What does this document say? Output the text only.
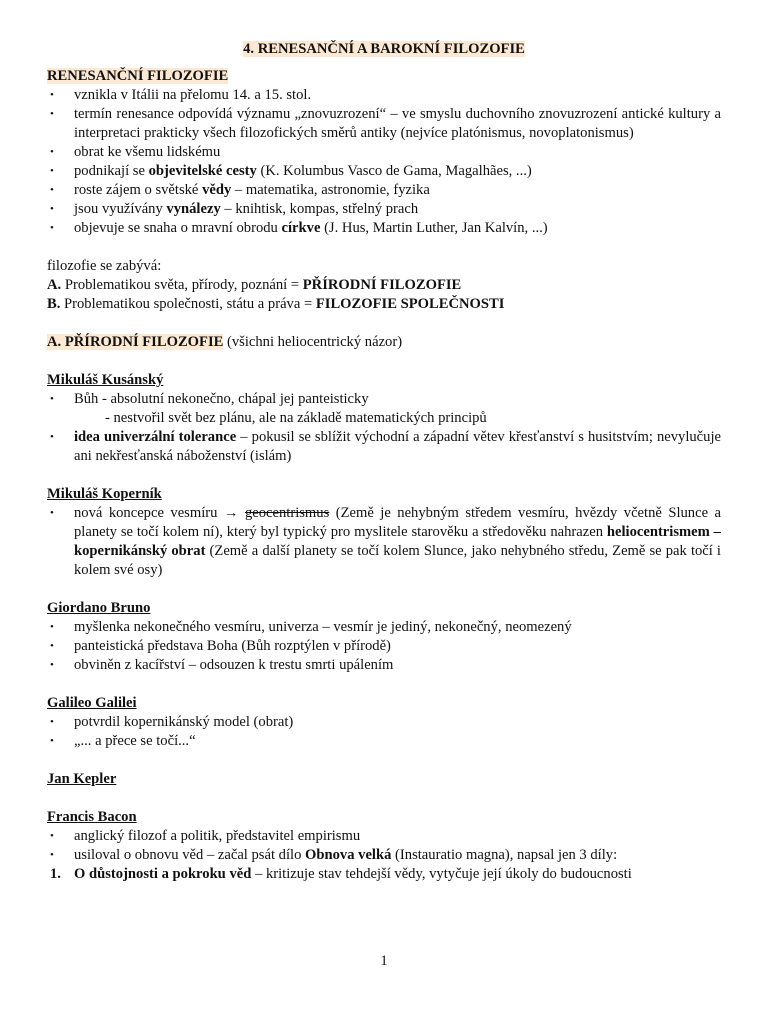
4. RENESANČNÍ A BAROKNÍ FILOZOFIE

RENESANČNÍ FILOZOFIE

• vznikla v Itálii na přelomu 14. a 15. stol.
• termín renesance odpovídá významu „znovuzrození“ – ve smyslu duchovního znovuzrození antické kultury a interpretaci prakticky všech filozofických směrů antiky (nejvíce platónismus, novoplatonismus)
• obrat ke všemu lidskému
• podnikají se objevitelské cesty (K. Kolumbus Vasco de Gama, Magalhães, ...)
• roste zájem o světské vědy – matematika, astronomie, fyzika
• jsou využívány vynálezy – knihtisk, kompas, střelný prach
• objevuje se snaha o mravní obrodu církve (J. Hus, Martin Luther, Jan Kalvín, ...)

filozofie se zabývá:

A. Problematikou světa, přírody, poznání = PŘÍRODNÍ FILOZOFIE

B. Problematikou společnosti, státu a práva = FILOZOFIE SPOLEČNOSTI

A. PŘÍRODNÍ FILOZOFIE (všichni heliocentrický názor)

Mikuláš Kusánský

• Bůh - absolutní nekonečno, chápal jej panteisticky

- nestvořil svět bez plánu, ale na základě matematických principů

• idea univerzální tolerance – pokusil se sblížit východní a západní větev křesťanství s husitstvím; nevylučuje ani nekřesťanská náboženství (islám)

Mikuláš Koperník

• nová koncepce vesmíru → geocentrismus (Země je nehybným středem vesmíru, hvězdy včetně Slunce a planety se točí kolem ní), který byl typický pro myslitele starověku a středověku nahrazen heliocentrismem – kopernikánský obrat (Země a další planety se točí kolem Slunce, jako nehybného středu, Země se pak točí i kolem své osy)

Giordano Bruno

• myšlenka nekonečného vesmíru, univerza – vesmír je jediný, nekonečný, neomezený
• panteistická představa Boha (Bůh rozptýlen v přírodě)
• obviněn z kacířství – odsouzen k trestu smrti upálením

Galileo Galilei

• potvrdil kopernikánský model (obrat)
• „... a přece se točí...“

Jan Kepler

Francis Bacon

• anglický filozof a politik, představitel empirismu
• usiloval o obnovu věd – začal psát dílo Obnova velká (Instauratio magna), napsal jen 3 díly:
1. O důstojnosti a pokroku věd – kritizuje stav tehdejší vědy, vytyčuje její úkoly do budoucnosti
1
